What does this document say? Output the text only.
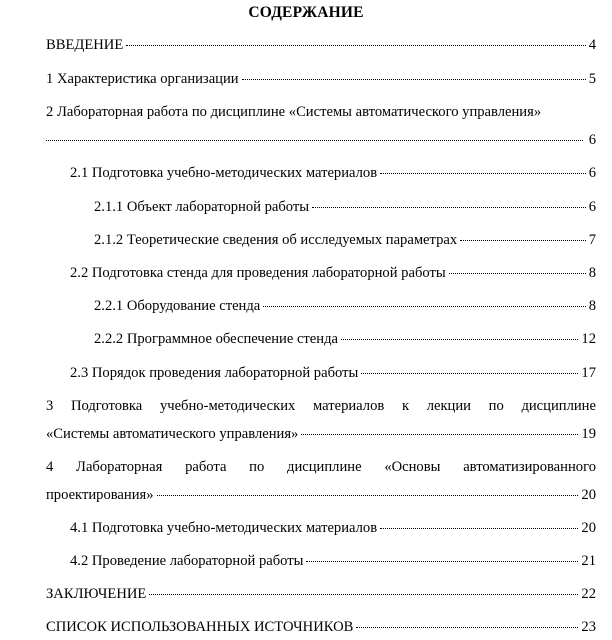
СОДЕРЖАНИЕ
ВВЕДЕНИЕ	4
1 Характеристика организации	5
2 Лабораторная работа по дисциплине «Системы автоматического управления»
6
2.1 Подготовка учебно-методических материалов	6
2.1.1 Объект лабораторной работы	6
2.1.2 Теоретические сведения об исследуемых параметрах	7
2.2 Подготовка стенда для проведения лабораторной работы	8
2.2.1 Оборудование стенда	8
2.2.2 Программное обеспечение стенда	12
2.3 Порядок проведения лабораторной работы	17
3 Подготовка учебно-методических материалов к лекции по дисциплине
«Системы автоматического управления»	19
4 Лабораторная работа по дисциплине «Основы автоматизированного
проектирования»	20
4.1 Подготовка учебно-методических материалов	20
4.2 Проведение лабораторной работы	21
ЗАКЛЮЧЕНИЕ	22
СПИСОК ИСПОЛЬЗОВАННЫХ ИСТОЧНИКОВ	23
